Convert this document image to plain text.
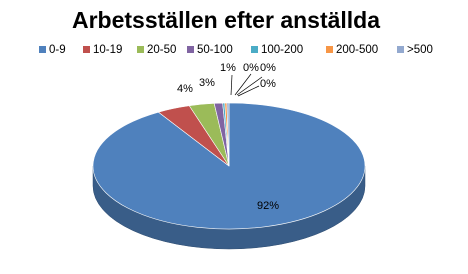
Arbetsställen efter anställda
0-9 10-19 20-50 50-100 100-200	200-500	>500
92%
4% 3%
1% 0% 0%
0%
